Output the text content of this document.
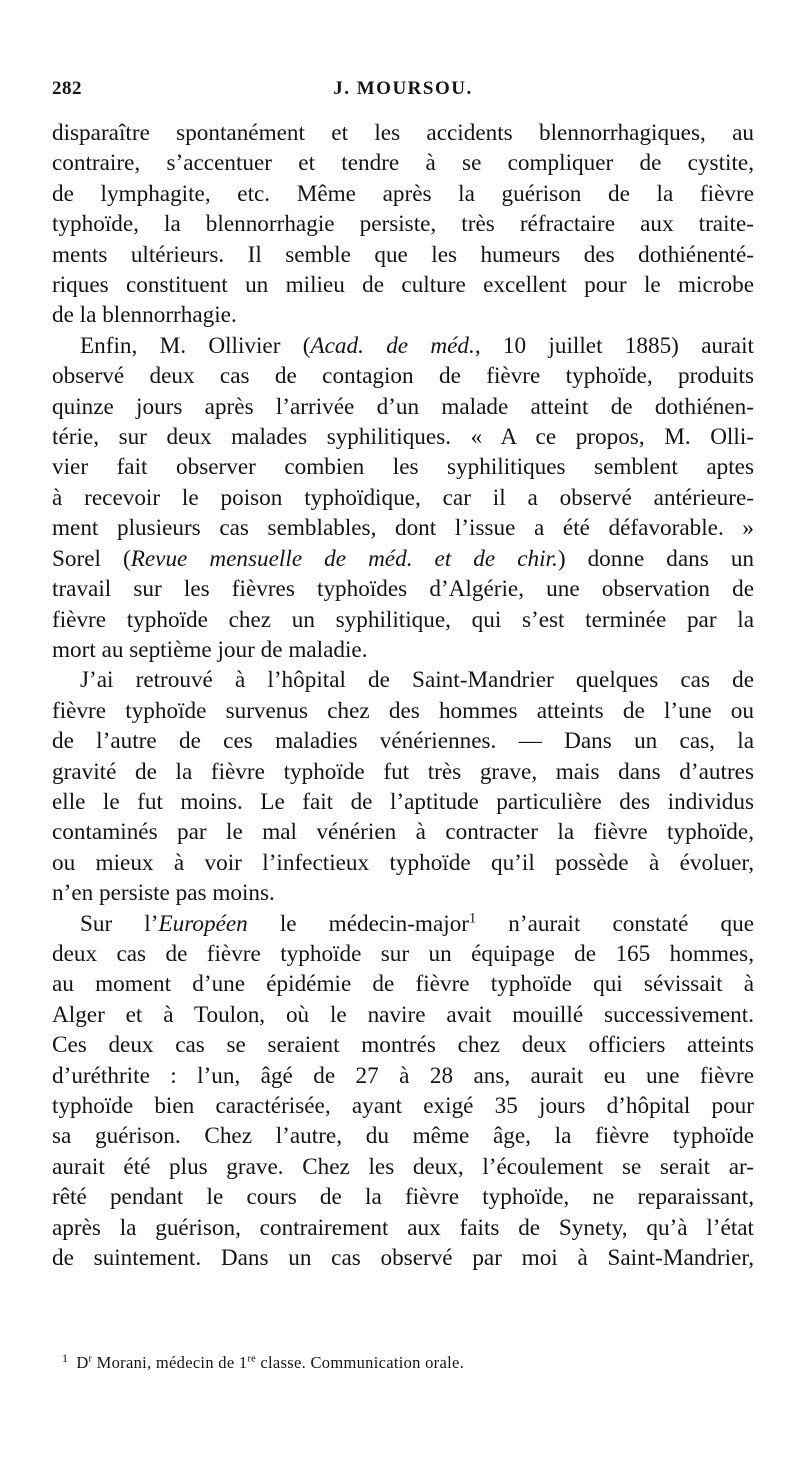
282	J. MOURSOU.

disparaître spontanément et les accidents blennorrhagiques, au
contraire, s’accentuer et tendre à se compliquer de cystite,
de lymphagite, etc. Même après la guérison de la fièvre
typhoïde, la blennorrhagie persiste, très réfractaire aux traite-
ments ultérieurs. Il semble que les humeurs des dothiénenté-
riques constituent un milieu de culture excellent pour le microbe
de la blennorrhagie.

Enfin, M. Ollivier (Acad. de méd., 10 juillet 1885) aurait
observé deux cas de contagion de fièvre typhoïde, produits
quinze jours après l’arrivée d’un malade atteint de dothiénen-
térie, sur deux malades syphilitiques. « A ce propos, M. Olli-
vier fait observer combien les syphilitiques semblent aptes
à recevoir le poison typhoïdique, car il a observé antérieure-
ment plusieurs cas semblables, dont l’issue a été défavorable. »
Sorel (Revue mensuelle de méd. et de chir.) donne dans un
travail sur les fièvres typhoïdes d’Algérie, une observation de
fièvre typhoïde chez un syphilitique, qui s’est terminée par la
mort au septième jour de maladie.

J’ai retrouvé à l’hôpital de Saint-Mandrier quelques cas de
fièvre typhoïde survenus chez des hommes atteints de l’une ou
de l’autre de ces maladies vénériennes. — Dans un cas, la
gravité de la fièvre typhoïde fut très grave, mais dans d’autres
elle le fut moins. Le fait de l’aptitude particulière des individus
contaminés par le mal vénérien à contracter la fièvre typhoïde,
ou mieux à voir l’infectieux typhoïde qu’il possède à évoluer,
n’en persiste pas moins.

Sur l’Européen le médecin-major$^1$ n’aurait constaté que
deux cas de fièvre typhoïde sur un équipage de 165 hommes,
au moment d’une épidémie de fièvre typhoïde qui sévissait à
Alger et à Toulon, où le navire avait mouillé successivement.
Ces deux cas se seraient montrés chez deux officiers atteints
d’uréthrite : l’un, âgé de 27 à 28 ans, aurait eu une fièvre
typhoïde bien caractérisée, ayant exigé 35 jours d’hôpital pour
sa guérison. Chez l’autre, du même âge, la fièvre typhoïde
aurait été plus grave. Chez les deux, l’écoulement se serait ar-
rêté pendant le cours de la fièvre typhoïde, ne reparaissant,
après la guérison, contrairement aux faits de Synety, qu’à l’état
de suintement. Dans un cas observé par moi à Saint-Mandrier,

$^1$ $D^r$ Morani, médecin de 1re classe. Communication orale.
